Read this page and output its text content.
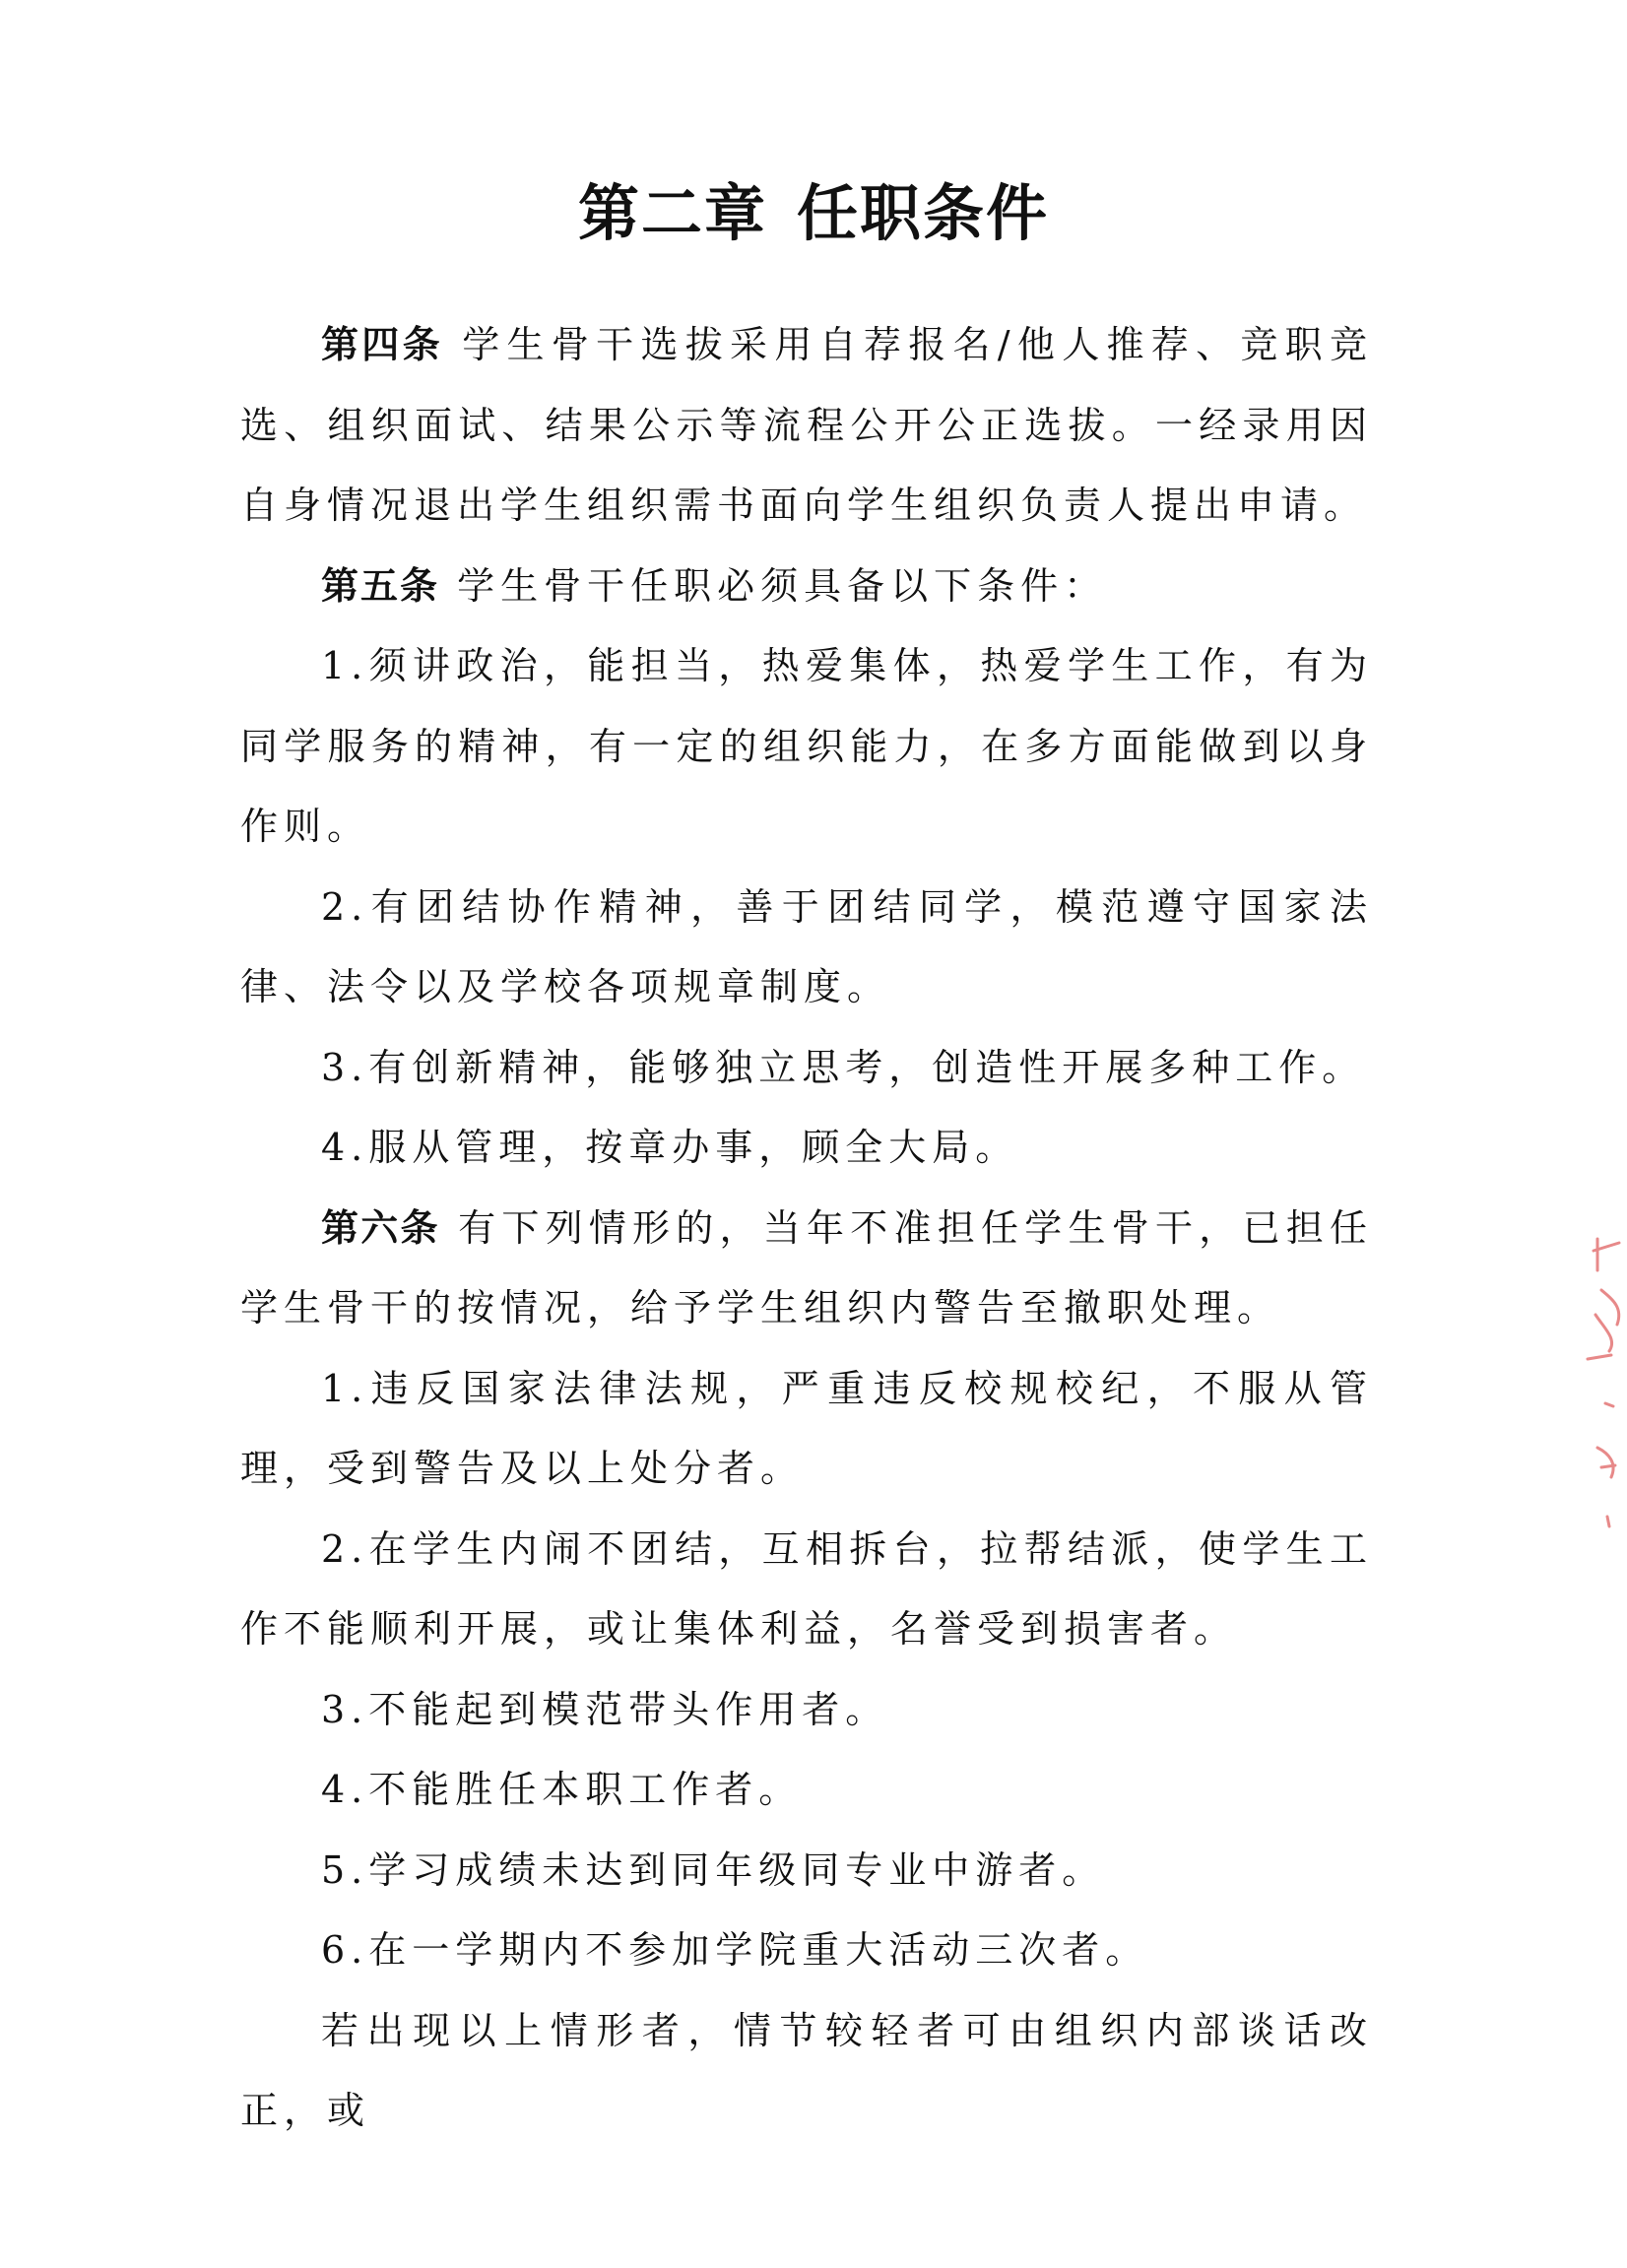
第二章 任职条件

第四条 学生骨干选拔采用自荐报名/他人推荐、竞职竞选、组织面试、结果公示等流程公开公正选拔。一经录用因自身情况退出学生组织需书面向学生组织负责人提出申请。

第五条 学生骨干任职必须具备以下条件：

1.须讲政治，能担当，热爱集体，热爱学生工作，有为同学服务的精神，有一定的组织能力，在多方面能做到以身作则。

2.有团结协作精神，善于团结同学，模范遵守国家法律、法令以及学校各项规章制度。

3.有创新精神，能够独立思考，创造性开展多种工作。

4.服从管理，按章办事，顾全大局。

第六条 有下列情形的，当年不准担任学生骨干，已担任学生骨干的按情况，给予学生组织内警告至撤职处理。

1.违反国家法律法规，严重违反校规校纪，不服从管理，受到警告及以上处分者。

2.在学生内闹不团结，互相拆台，拉帮结派，使学生工作不能顺利开展，或让集体利益，名誉受到损害者。

3.不能起到模范带头作用者。

4.不能胜任本职工作者。

5.学习成绩未达到同年级同专业中游者。

6.在一学期内不参加学院重大活动三次者。

若出现以上情形者，情节较轻者可由组织内部谈话改正，或
